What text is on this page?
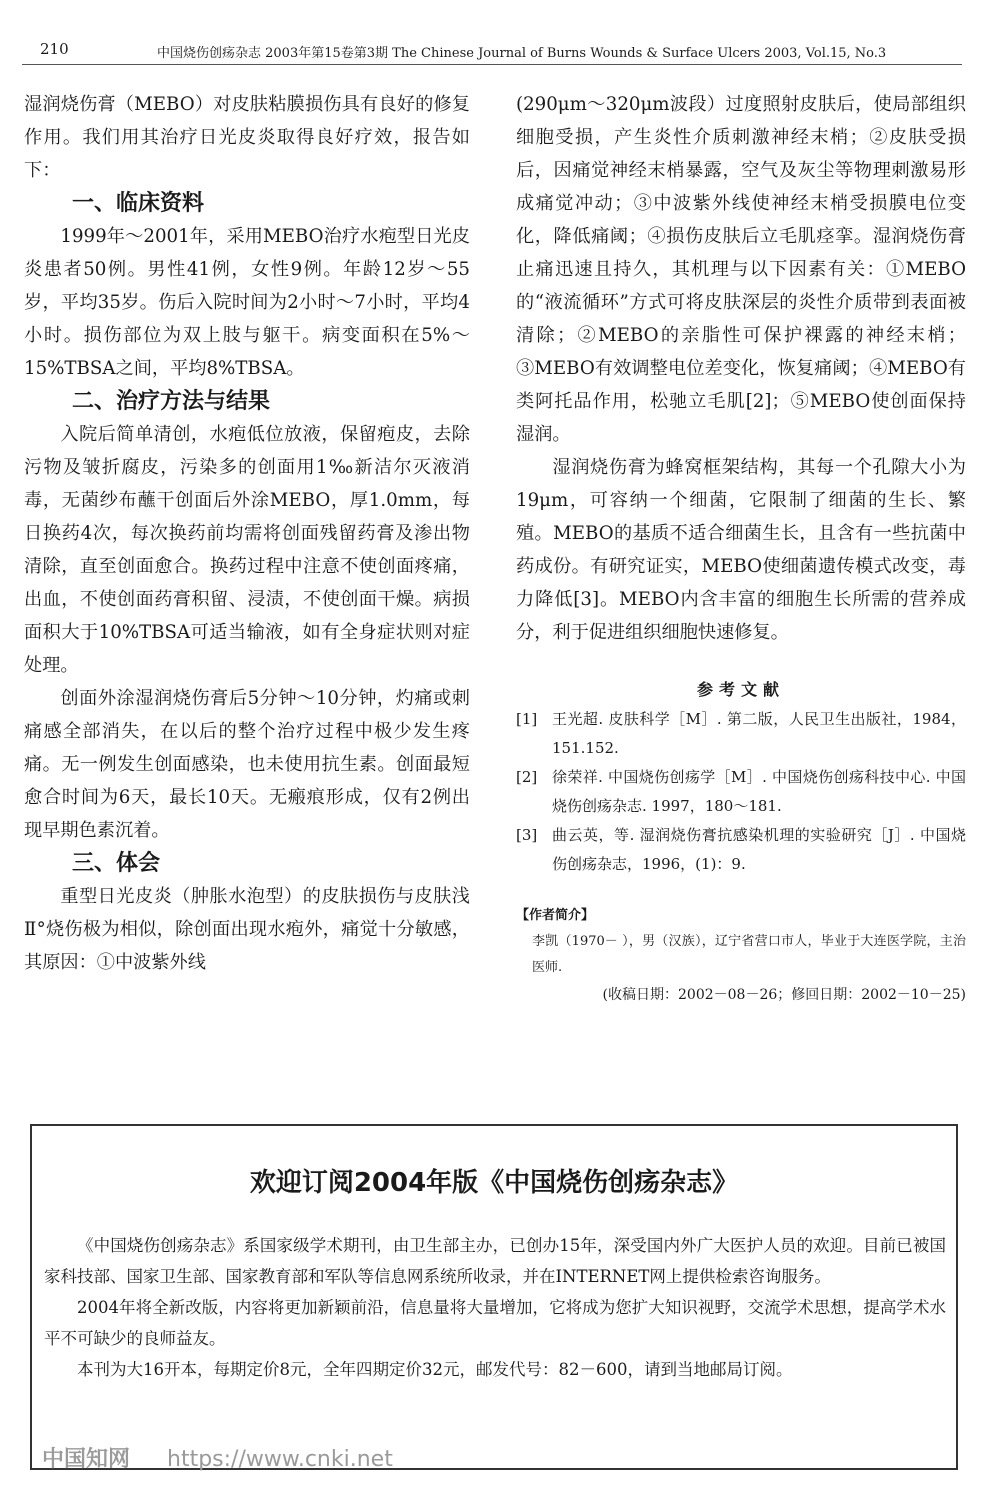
210	中国烧伤创疡杂志 2003年第15卷第3期 The Chinese Journal of Burns Wounds & Surface Ulcers 2003, Vol.15, No.3

湿润烧伤膏（MEBO）对皮肤粘膜损伤具有良好的修复作用。我们用其治疗日光皮炎取得良好疗效，报告如下：

一、临床资料

1999年～2001年，采用MEBO治疗水疱型日光皮炎患者50例。男性41例，女性9例。年龄12岁～55岁，平均35岁。伤后入院时间为2小时～7小时，平均4小时。损伤部位为双上肢与躯干。病变面积在5%～15%TBSA之间，平均8%TBSA。

二、治疗方法与结果

入院后简单清创，水疱低位放液，保留疱皮，去除污物及皱折腐皮，污染多的创面用1‰新洁尔灭液消毒，无菌纱布蘸干创面后外涂MEBO，厚1.0mm，每日换药4次，每次换药前均需将创面残留药膏及渗出物清除，直至创面愈合。换药过程中注意不使创面疼痛，出血，不使创面药膏积留、浸渍，不使创面干燥。病损面积大于10%TBSA可适当输液，如有全身症状则对症处理。

创面外涂湿润烧伤膏后5分钟～10分钟，灼痛或刺痛感全部消失，在以后的整个治疗过程中极少发生疼痛。无一例发生创面感染，也未使用抗生素。创面最短愈合时间为6天，最长10天。无瘢痕形成，仅有2例出现早期色素沉着。

三、体会

重型日光皮炎（肿胀水泡型）的皮肤损伤与皮肤浅Ⅱ°烧伤极为相似，除创面出现水疱外，痛觉十分敏感，其原因：①中波紫外线

(290μm～320μm波段）过度照射皮肤后，使局部组织细胞受损，产生炎性介质刺激神经末梢；②皮肤受损后，因痛觉神经末梢暴露，空气及灰尘等物理刺激易形成痛觉冲动；③中波紫外线使神经末梢受损膜电位变化，降低痛阈；④损伤皮肤后立毛肌痉挛。湿润烧伤膏止痛迅速且持久，其机理与以下因素有关：①MEBO的“液流循环”方式可将皮肤深层的炎性介质带到表面被清除；②MEBO的亲脂性可保护裸露的神经末梢；③MEBO有效调整电位差变化，恢复痛阈；④MEBO有类阿托品作用，松驰立毛肌[2]；⑤MEBO使创面保持湿润。

湿润烧伤膏为蜂窝框架结构，其每一个孔隙大小为19μm，可容纳一个细菌，它限制了细菌的生长、繁殖。MEBO的基质不适合细菌生长，且含有一些抗菌中药成份。有研究证实，MEBO使细菌遗传模式改变，毒力降低[3]。MEBO内含丰富的细胞生长所需的营养成分，利于促进组织细胞快速修复。

参考文献
[1] 王光超. 皮肤科学［M］. 第二版，人民卫生出版社，1984，151.152.
[2] 徐荣祥. 中国烧伤创疡学［M］. 中国烧伤创疡科技中心. 中国烧伤创疡杂志. 1997，180～181.
[3] 曲云英，等. 湿润烧伤膏抗感染机理的实验研究［J］. 中国烧伤创疡杂志，1996，(1)：9.
【作者简介】
李凯（1970－ ），男（汉族），辽宁省营口市人，毕业于大连医学院，主治医师.
(收稿日期：2002－08－26；修回日期：2002－10－25)
欢迎订阅2004年版《中国烧伤创疡杂志》

《中国烧伤创疡杂志》系国家级学术期刊，由卫生部主办，已创办15年，深受国内外广大医护人员的欢迎。目前已被国家科技部、国家卫生部、国家教育部和军队等信息网系统所收录，并在INTERNET网上提供检索咨询服务。

2004年将全新改版，内容将更加新颖前沿，信息量将大量增加，它将成为您扩大知识视野，交流学术思想，提高学术水平不可缺少的良师益友。

本刊为大16开本，每期定价8元，全年四期定价32元，邮发代号：82－600，请到当地邮局订阅。

中国知网 https://www.cnki.net
